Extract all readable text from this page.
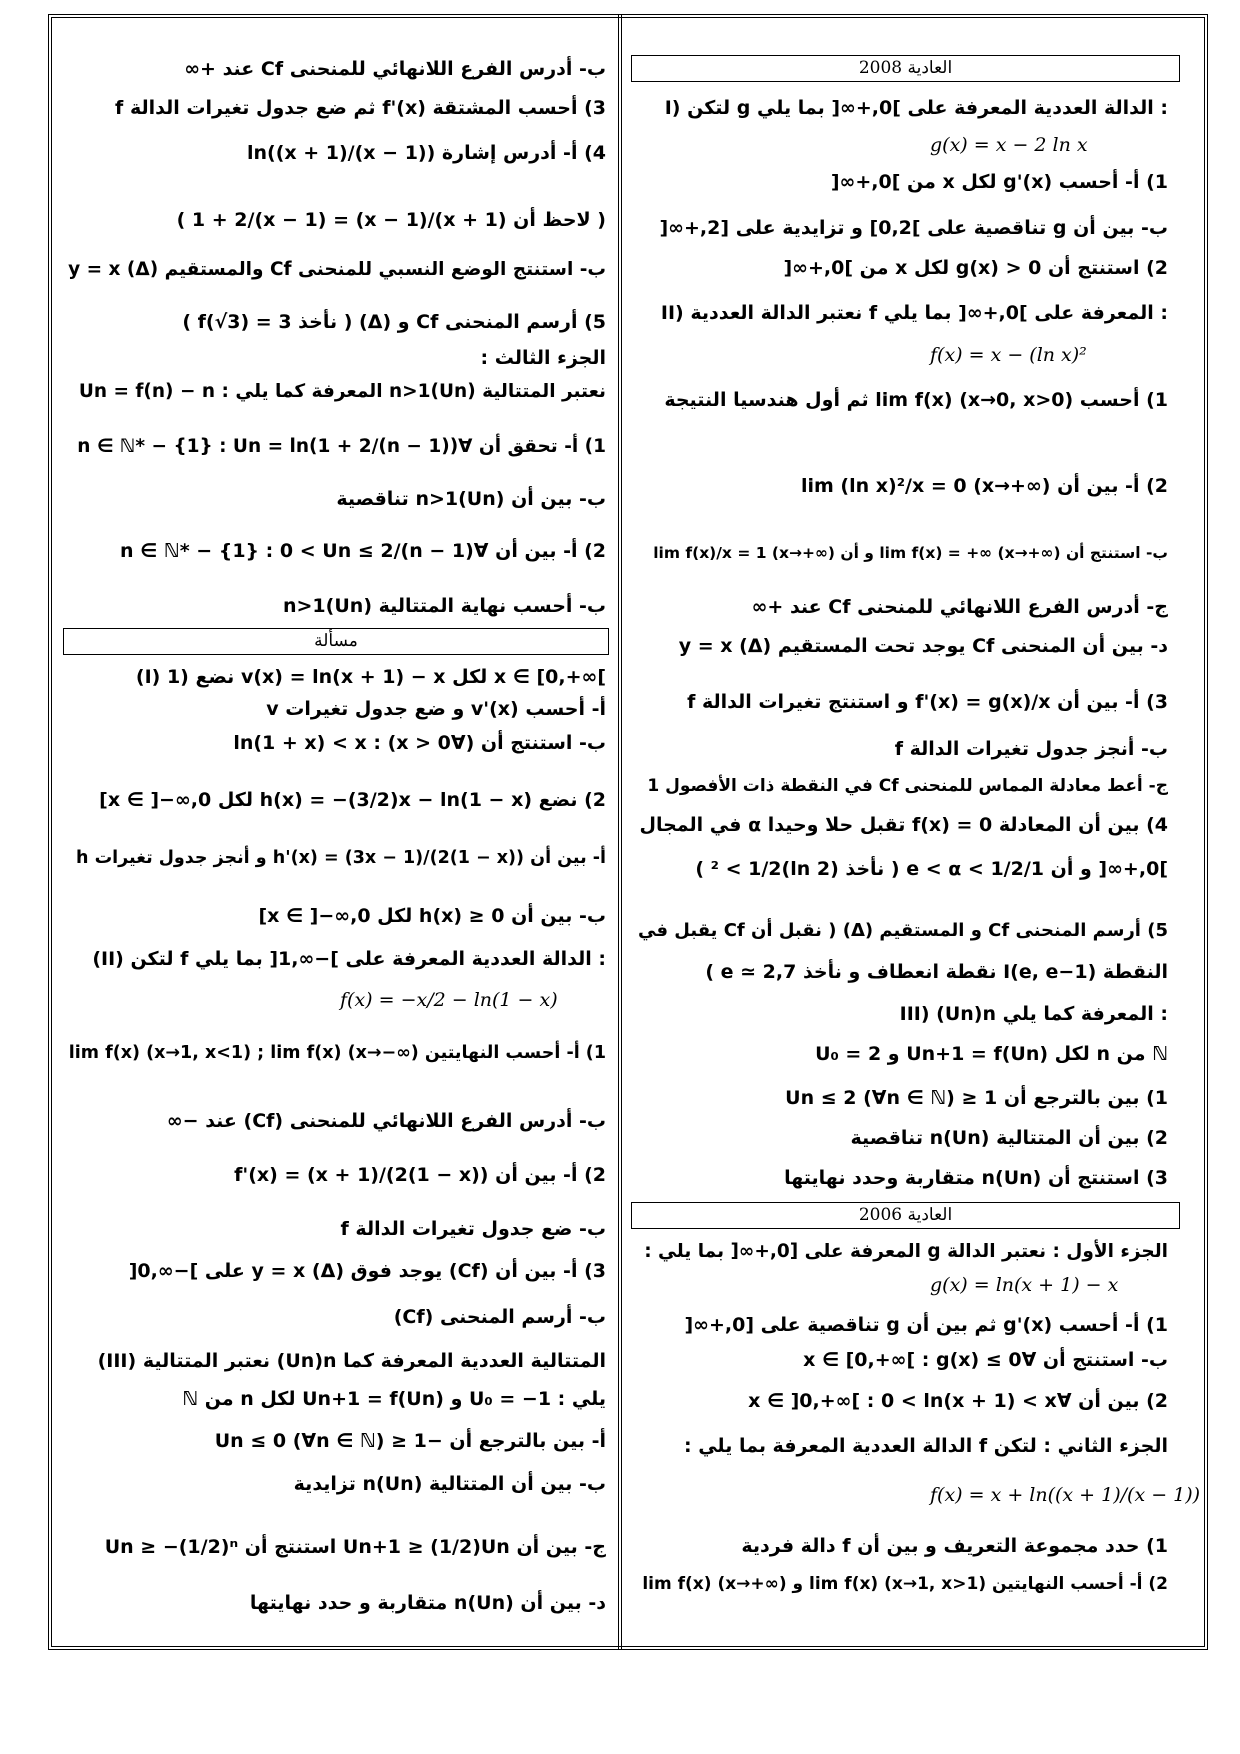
العادية 2008
العادية 2006
مسألة
I) لتكن g الدالة العددية المعرفة على ]0,+∞[ بما يلي :
g(x) = x − 2 ln x
1) أ- أحسب g'(x) لكل x من ]0,+∞[
ب- بين أن g تناقصية على ]0,2] و تزايدية على [2,+∞[
2) استنتج أن g(x) > 0 لكل x من ]0,+∞[
II) نعتبر الدالة العددية f المعرفة على ]0,+∞[ بما يلي :
f(x) = x − (ln x)²
1) أحسب lim f(x) (x→0, x>0) ثم أول هندسيا النتيجة
2) أ- بين أن lim (ln x)²/x = 0 (x→+∞)
ب- استنتج أن lim f(x) = +∞ (x→+∞) و أن lim f(x)/x = 1 (x→+∞)
ج- أدرس الفرع اللانهائي للمنحنى Cf عند +∞
د- بين أن المنحنى Cf يوجد تحت المستقيم (Δ) y = x
3) أ- بين أن f'(x) = g(x)/x و استنتج تغيرات الدالة f
ب- أنجز جدول تغيرات الدالة f
ج- أعط معادلة المماس للمنحنى Cf في النقطة ذات الأفصول 1
4) بين أن المعادلة f(x) = 0 تقبل حلا وحيدا α في المجال
]0,+∞[ و أن 1/e < α < 1/2 ( نأخذ (ln 2)² < 1/2 )
5) أرسم المنحنى Cf و المستقيم (Δ) ( نقبل أن Cf يقبل في
النقطة I(e, e−1) نقطة انعطاف و نأخذ e ≃ 2,7 )
III) (Un)n المعرفة كما يلي :
U₀ = 2 و Un+1 = f(Un) لكل n من ℕ
1) بين بالترجع أن 1 ≤ Un ≤ 2 (∀n ∈ ℕ)
2) بين أن المتتالية (Un)n تناقصية
3) استنتج أن (Un)n متقاربة وحدد نهايتها
الجزء الأول : نعتبر الدالة g المعرفة على [0,+∞[ بما يلي :
g(x) = ln(x + 1) − x
1) أ- أحسب g'(x) ثم بين أن g تناقصية على [0,+∞[
ب- استنتج أن ∀x ∈ [0,+∞[ : g(x) ≤ 0
2) بين أن ∀x ∈ ]0,+∞[ : 0 < ln(x + 1) < x
الجزء الثاني : لتكن f الدالة العددية المعرفة بما يلي :
f(x) = x + ln((x + 1)/(x − 1))
1) حدد مجموعة التعريف و بين أن f دالة فردية
2) أ- أحسب النهايتين lim f(x) (x→1, x>1) و lim f(x) (x→+∞)
ب- أدرس الفرع اللانهائي للمنحنى Cf عند +∞
3) أحسب المشتقة f'(x) ثم ضع جدول تغيرات الدالة f
4) أ- أدرس إشارة ln((x + 1)/(x − 1))
( لاحظ أن (x + 1)/(x − 1) = 1 + 2/(x − 1) )
ب- استنتج الوضع النسبي للمنحنى Cf والمستقيم (Δ) y = x
5) أرسم المنحنى Cf و (Δ) ( نأخذ f(√3) = 3 )
الجزء الثالث :
نعتبر المتتالية (Un)n>1 المعرفة كما يلي : Un = f(n) − n
1) أ- تحقق أن ∀n ∈ ℕ* − {1} : Un = ln(1 + 2/(n − 1))
ب- بين أن (Un)n>1 تناقصية
2) أ- بين أن ∀n ∈ ℕ* − {1} : 0 < Un ≤ 2/(n − 1)
ب- أحسب نهاية المتتالية (Un)n>1
(I) 1) نضع v(x) = ln(x + 1) − x لكل x ∈ [0,+∞[
أ- أحسب v'(x) و ضع جدول تغيرات v
ب- استنتج أن (∀x > 0) : ln(1 + x) < x
2) نضع h(x) = −(3/2)x − ln(1 − x) لكل x ∈ ]−∞,0]
أ- بين أن h'(x) = (3x − 1)/(2(1 − x)) و أنجز جدول تغيرات h
ب- بين أن h(x) ≥ 0 لكل x ∈ ]−∞,0]
(II) لتكن f الدالة العددية المعرفة على ]−∞,1[ بما يلي :
f(x) = −x/2 − ln(1 − x)
1) أ- أحسب النهايتين lim f(x) (x→1, x<1) ; lim f(x) (x→−∞)
ب- أدرس الفرع اللانهائي للمنحنى (Cf) عند −∞
2) أ- بين أن f'(x) = (x + 1)/(2(1 − x))
ب- ضع جدول تغيرات الدالة f
3) أ- بين أن (Cf) يوجد فوق (Δ) y = x على ]−∞,0[
ب- أرسم المنحنى (Cf)
(III) نعتبر المتتالية (Un)n المتتالية العددية المعرفة كما
يلي : U₀ = −1 و Un+1 = f(Un) لكل n من ℕ
أ- بين بالترجع أن −1 ≤ Un ≤ 0 (∀n ∈ ℕ)
ب- بين أن المتتالية (Un)n تزايدية
ج- بين أن Un+1 ≥ (1/2)Un استنتج أن Un ≥ −(1/2)ⁿ
د- بين أن (Un)n متقاربة و حدد نهايتها
